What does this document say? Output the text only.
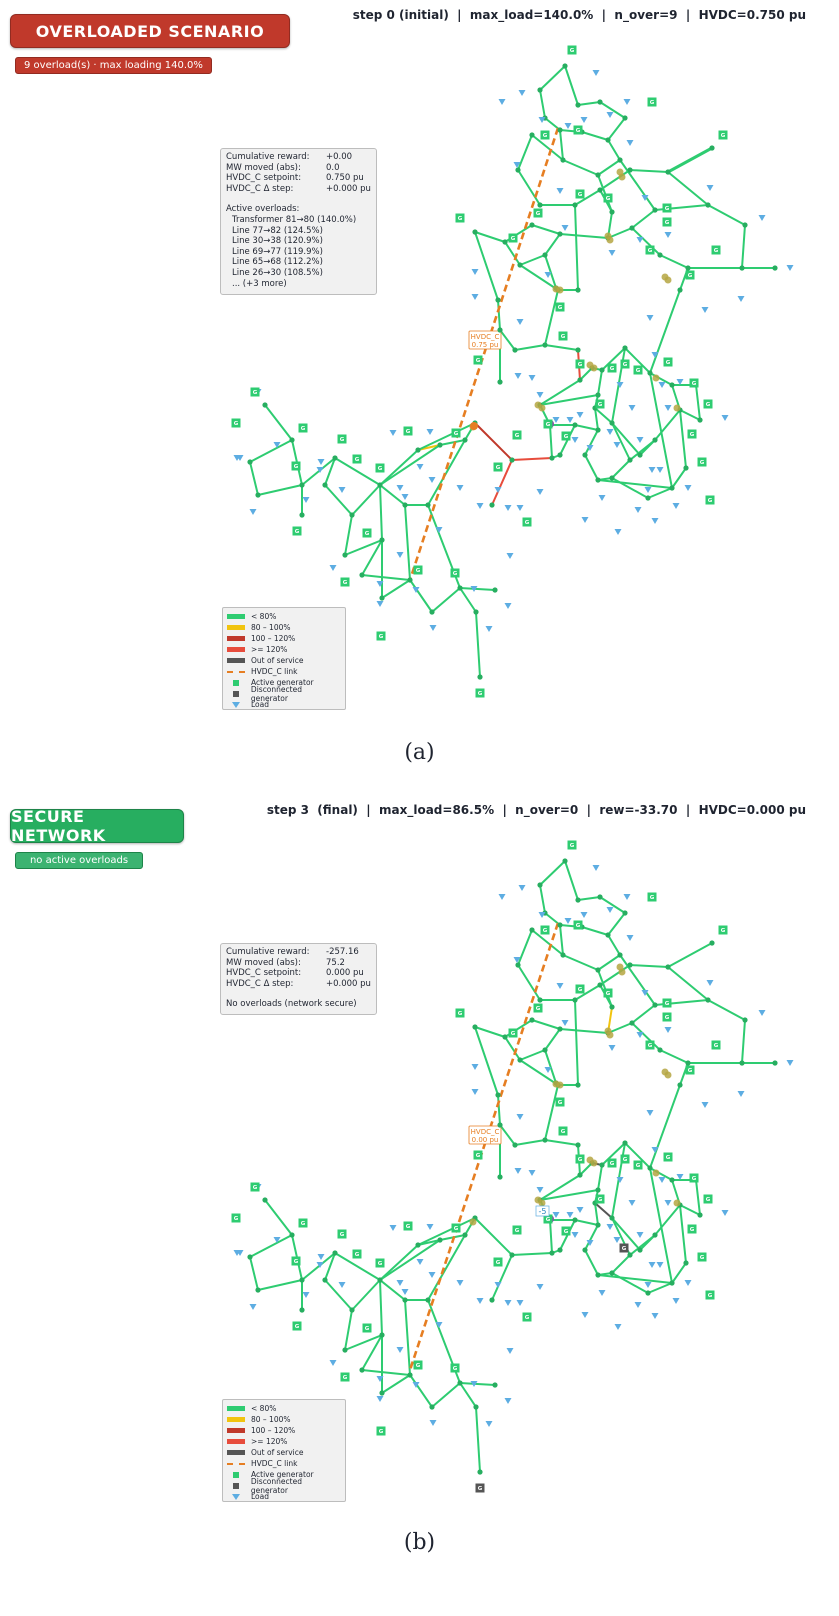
OVERLOADED SCENARIO
9 overload(s) · max loading 140.0%
step 0 (initial)  |  max_load=140.0%  |  n_over=9  |  HVDC=0.750 pu
HVDC_C
0.75 pu
G
G
G
G
G
G
G
G
G
G
G
G
G
G
G
G
G
G
G
G
G
G
G
G
G
G
G
G
G
G
G
G
G
G
G
G
G
G
G
G
G	G
G	G
G
G
G
G	G
G
Cumulative reward:	+0.00
MW moved (abs):	0.0
HVDC_C setpoint:	0.750 pu
HVDC_C Δ step:	+0.000 pu
Active overloads:
Transformer 81→80 (140.0%)
Line 77→82 (124.5%)
Line 30→38 (120.9%)
Line 69→77 (119.9%)
Line 65→68 (112.2%)
Line 26→30 (108.5%)
... (+3 more)
< 80%
80 – 100%
100 – 120%
>= 120%
Out of service
HVDC_C link
Active generator
Disconnected generator
Load
(a)
SECURE NETWORK
no active overloads
step 3  (final)  |  max_load=86.5%  |  n_over=0  |  rew=-33.70  |  HVDC=0.000 pu
HVDC_C
0.00 pu
G
G
G
G
G
G
G
G
G
G
G
G
G
G
G
G
G
G
G
G
G
G
G
G
G
G
G
G
G
G
G
G
G
G
G
G
G
G
G
G
G	G
G	G
G
G
G
G	G
G
G
-5
Cumulative reward:	-257.16
MW moved (abs):	75.2
HVDC_C setpoint:	0.000 pu
HVDC_C Δ step:	+0.000 pu
No overloads (network secure)
< 80%
80 – 100%
100 – 120%
>= 120%
Out of service
HVDC_C link
Active generator
Disconnected generator
Load
(b)
